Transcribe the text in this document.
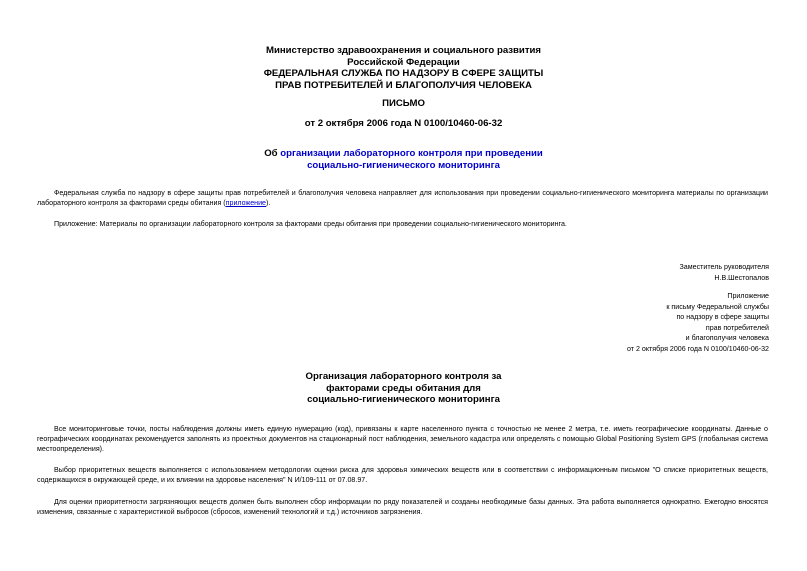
Министерство здравоохранения и социального развития
Российской Федерации
ФЕДЕРАЛЬНАЯ СЛУЖБА ПО НАДЗОРУ В СФЕРЕ ЗАЩИТЫ
ПРАВ ПОТРЕБИТЕЛЕЙ И БЛАГОПОЛУЧИЯ ЧЕЛОВЕКА
ПИСЬМО
от 2 октября 2006 года N 0100/10460-06-32
Об организации лабораторного контроля при проведении
социально-гигиенического мониторинга
Федеральная служба по надзору в сфере защиты прав потребителей и благополучия человека направляет для использования при проведении социально-гигиенического мониторинга материалы по организации лабораторного контроля за факторами среды обитания (приложение).
Приложение: Материалы по организации лабораторного контроля за факторами среды обитания при проведении социально-гигиенического мониторинга.
Заместитель руководителя
Н.В.Шестопалов
Приложение
к письму Федеральной службы
по надзору в сфере защиты
прав потребителей
и благополучия человека
от 2 октября 2006 года N 0100/10460-06-32
Организация лабораторного контроля за
факторами среды обитания для
социально-гигиенического мониторинга
Все мониторинговые точки, посты наблюдения должны иметь единую нумерацию (код), привязаны к карте населенного пункта с точностью не менее 2 метра, т.е. иметь географические координаты. Данные о географических координатах рекомендуется заполнять из проектных документов на стационарный пост наблюдения, земельного кадастра или определять с помощью Global Positioning System GPS (глобальная система местоопределения).
Выбор приоритетных веществ выполняется с использованием методологии оценки риска для здоровья химических веществ или в соответствии с информационным письмом "О списке приоритетных веществ, содержащихся в окружающей среде, и их влиянии на здоровье населения" N И/109-111 от 07.08.97.
Для оценки приоритетности загрязняющих веществ должен быть выполнен сбор информации по ряду показателей и созданы необходимые базы данных. Эта работа выполняется однократно. Ежегодно вносятся изменения, связанные с характеристикой выбросов (сбросов, изменений технологий и т.д.) источников загрязнения.
